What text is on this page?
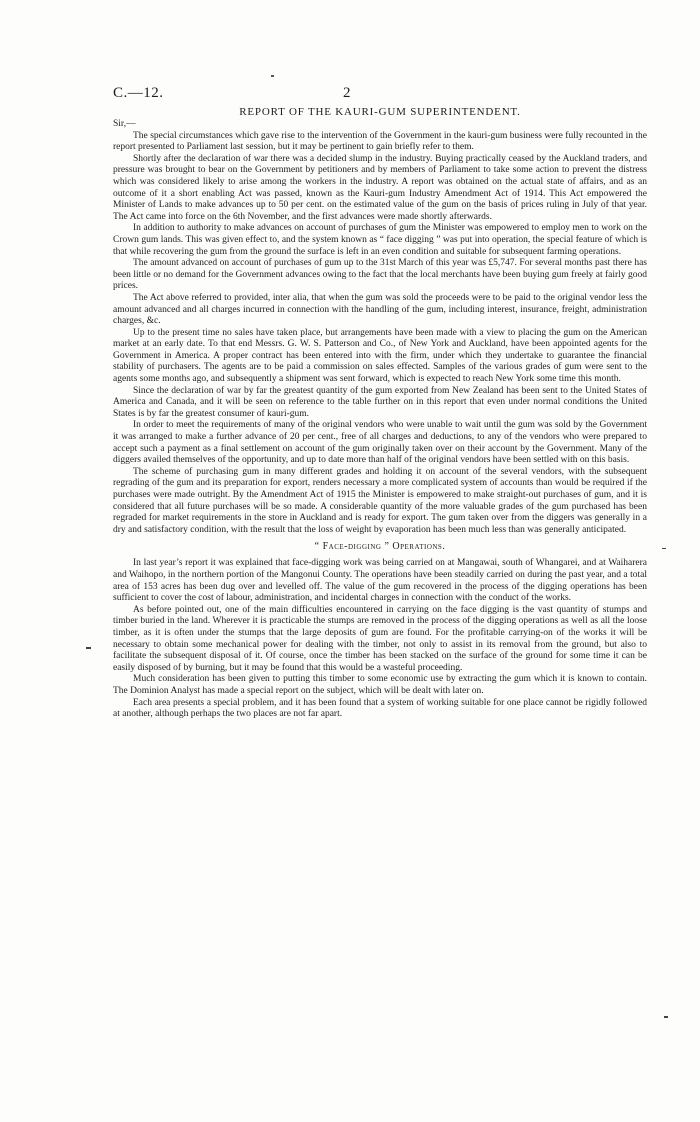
C.—12.	2
REPORT OF THE KAURI-GUM SUPERINTENDENT.
Sir,—

The special circumstances which gave rise to the intervention of the Government in the kauri-gum business were fully recounted in the report presented to Parliament last session, but it may be pertinent to gain briefly refer to them.

Shortly after the declaration of war there was a decided slump in the industry. Buying practically ceased by the Auckland traders, and pressure was brought to bear on the Government by petitioners and by members of Parliament to take some action to prevent the distress which was considered likely to arise among the workers in the industry. A report was obtained on the actual state of affairs, and as an outcome of it a short enabling Act was passed, known as the Kauri-gum Industry Amendment Act of 1914. This Act empowered the Minister of Lands to make advances up to 50 per cent. on the estimated value of the gum on the basis of prices ruling in July of that year. The Act came into force on the 6th November, and the first advances were made shortly afterwards.

In addition to authority to make advances on account of purchases of gum the Minister was empowered to employ men to work on the Crown gum lands. This was given effect to, and the system known as “ face digging ” was put into operation, the special feature of which is that while recovering the gum from the ground the surface is left in an even condition and suitable for subsequent farming operations.

The amount advanced on account of purchases of gum up to the 31st March of this year was £5,747. For several months past there has been little or no demand for the Government advances owing to the fact that the local merchants have been buying gum freely at fairly good prices.

The Act above referred to provided, inter alia, that when the gum was sold the proceeds were to be paid to the original vendor less the amount advanced and all charges incurred in connection with the handling of the gum, including interest, insurance, freight, administration charges, &c.

Up to the present time no sales have taken place, but arrangements have been made with a view to placing the gum on the American market at an early date. To that end Messrs. G. W. S. Patterson and Co., of New York and Auckland, have been appointed agents for the Government in America. A proper contract has been entered into with the firm, under which they undertake to guarantee the financial stability of purchasers. The agents are to be paid a commission on sales effected. Samples of the various grades of gum were sent to the agents some months ago, and subsequently a shipment was sent forward, which is expected to reach New York some time this month.

Since the declaration of war by far the greatest quantity of the gum exported from New Zealand has been sent to the United States of America and Canada, and it will be seen on reference to the table further on in this report that even under normal conditions the United States is by far the greatest consumer of kauri-gum.

In order to meet the requirements of many of the original vendors who were unable to wait until the gum was sold by the Government it was arranged to make a further advance of 20 per cent., free of all charges and deductions, to any of the vendors who were prepared to accept such a payment as a final settlement on account of the gum originally taken over on their account by the Government. Many of the diggers availed themselves of the opportunity, and up to date more than half of the original vendors have been settled with on this basis.

The scheme of purchasing gum in many different grades and holding it on account of the several vendors, with the subsequent regrading of the gum and its preparation for export, renders necessary a more complicated system of accounts than would be required if the purchases were made outright. By the Amendment Act of 1915 the Minister is empowered to make straight-out purchases of gum, and it is considered that all future purchases will be so made. A considerable quantity of the more valuable grades of the gum purchased has been regraded for market requirements in the store in Auckland and is ready for export. The gum taken over from the diggers was generally in a dry and satisfactory condition, with the result that the loss of weight by evaporation has been much less than was generally anticipated.

“ Face-digging ” Operations.

In last year’s report it was explained that face-digging work was being carried on at Mangawai, south of Whangarei, and at Waiharera and Waihopo, in the northern portion of the Mangonui County. The operations have been steadily carried on during the past year, and a total area of 153 acres has been dug over and levelled off. The value of the gum recovered in the process of the digging operations has been sufficient to cover the cost of labour, administration, and incidental charges in connection with the conduct of the works.

As before pointed out, one of the main difficulties encountered in carrying on the face digging is the vast quantity of stumps and timber buried in the land. Wherever it is practicable the stumps are removed in the process of the digging operations as well as all the loose timber, as it is often under the stumps that the large deposits of gum are found. For the profitable carrying-on of the works it will be necessary to obtain some mechanical power for dealing with the timber, not only to assist in its removal from the ground, but also to facilitate the subsequent disposal of it. Of course, once the timber has been stacked on the surface of the ground for some time it can be easily disposed of by burning, but it may be found that this would be a wasteful proceeding.

Much consideration has been given to putting this timber to some economic use by extracting the gum which it is known to contain. The Dominion Analyst has made a special report on the subject, which will be dealt with later on.

Each area presents a special problem, and it has been found that a system of working suitable for one place cannot be rigidly followed at another, although perhaps the two places are not far apart.
